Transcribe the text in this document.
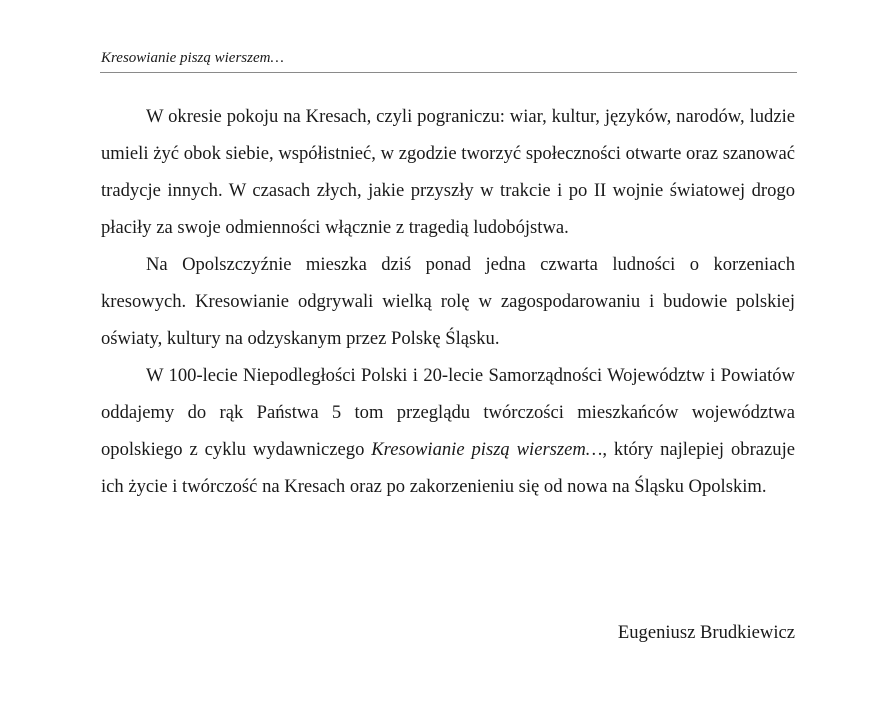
Kresowianie piszą wierszem…

W okresie pokoju na Kresach, czyli pograniczu: wiar, kultur, języków, narodów, ludzie umieli żyć obok siebie, współistnieć, w zgodzie tworzyć społeczności otwarte oraz szanować tradycje innych. W czasach złych, jakie przyszły w trakcie i po II wojnie światowej drogo płaciły za swoje odmienności włącznie z tragedią ludobójstwa.

Na Opolszczyźnie mieszka dziś ponad jedna czwarta ludności o korzeniach kresowych. Kresowianie odgrywali wielką rolę w zagospodarowaniu i budowie polskiej oświaty, kultury na odzyskanym przez Polskę Śląsku.

W 100-lecie Niepodległości Polski i 20-lecie Samorządności Województw i Powiatów oddajemy do rąk Państwa 5 tom przeglądu twórczości mieszkańców województwa opolskiego z cyklu wydawniczego Kresowianie piszą wierszem…, który najlepiej obrazuje ich życie i twórczość na Kresach oraz po zakorzenieniu się od nowa na Śląsku Opolskim.

Eugeniusz Brudkiewicz
